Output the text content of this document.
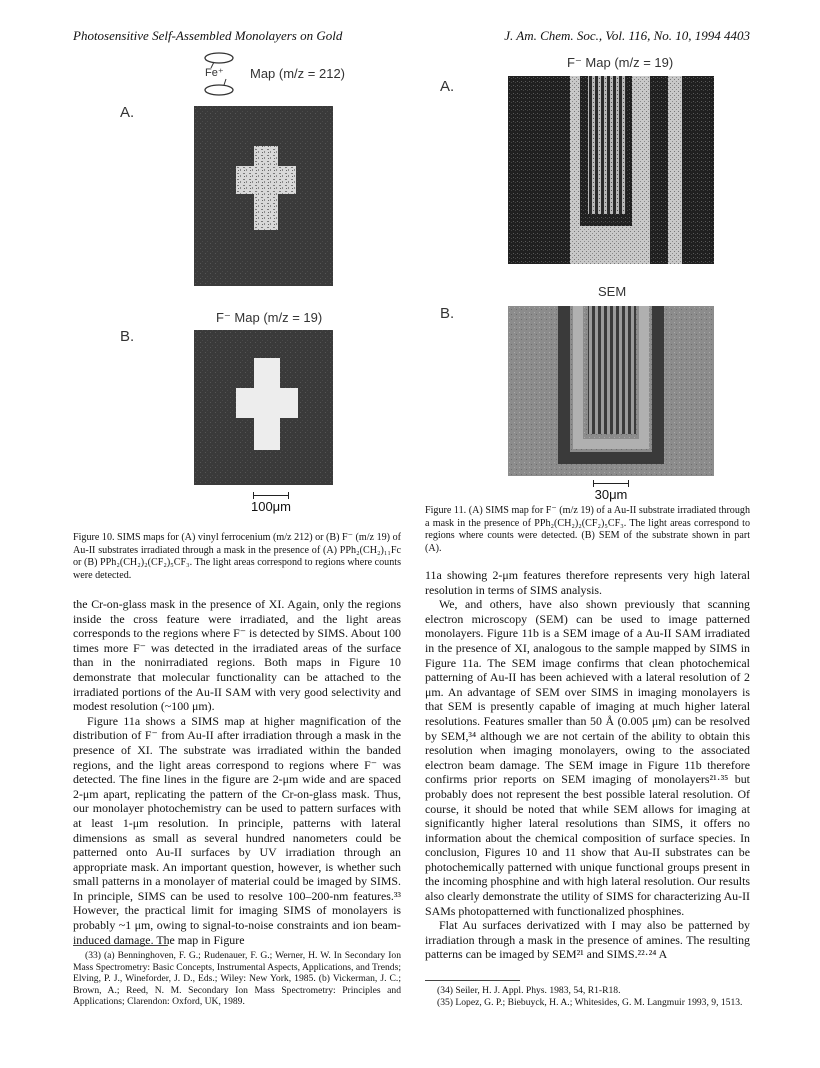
Photosensitive Self-Assembled Monolayers on Gold	J. Am. Chem. Soc., Vol. 116, No. 10, 1994 4403
Fe⁺ Map (m/z = 212)
A.
F⁻ Map (m/z = 19)
B.
100μm
Figure 10. SIMS maps for (A) vinyl ferrocenium (m/z 212) or (B) F⁻ (m/z 19) of Au-II substrates irradiated through a mask in the presence of (A) PPh₂(CH₂)₁₁Fc or (B) PPh₂(CH₂)₂(CF₂)₅CF₃. The light areas correspond to regions where counts were detected.
F⁻ Map (m/z = 19)
A.
SEM
B.
30μm
Figure 11. (A) SIMS map for F⁻ (m/z 19) of a Au-II substrate irradiated through a mask in the presence of PPh₂(CH₂)₂(CF₂)₅CF₃. The light areas correspond to regions where counts were detected. (B) SEM of the substrate shown in part (A).

the Cr-on-glass mask in the presence of XI. Again, only the regions inside the cross feature were irradiated, and the light areas corresponds to the regions where F⁻ is detected by SIMS. About 100 times more F⁻ was detected in the irradiated areas of the surface than in the nonirradiated regions. Both maps in Figure 10 demonstrate that molecular functionality can be attached to the irradiated portions of the Au-II SAM with very good selectivity and modest resolution (~100 μm).

Figure 11a shows a SIMS map at higher magnification of the distribution of F⁻ from Au-II after irradiation through a mask in the presence of XI. The substrate was irradiated within the banded regions, and the light areas correspond to regions where F⁻ was detected. The fine lines in the figure are 2-μm wide and are spaced 2-μm apart, replicating the pattern of the Cr-on-glass mask. Thus, our monolayer photochemistry can be used to pattern surfaces with at least 1-μm resolution. In principle, patterns with lateral dimensions as small as several hundred nanometers could be patterned onto Au-II surfaces by UV irradiation through an appropriate mask. An important question, however, is whether such small patterns in a monolayer of material could be imaged by SIMS. In principle, SIMS can be used to resolve 100–200-nm features.³³ However, the practical limit for imaging SIMS of monolayers is probably ~1 μm, owing to signal-to-noise constraints and ion beam-induced damage. The map in Figure

(33) (a) Benninghoven, F. G.; Rudenauer, F. G.; Werner, H. W. In Secondary Ion Mass Spectrometry: Basic Concepts, Instrumental Aspects, Applications, and Trends; Elving, P. J., Wineforder, J. D., Eds.; Wiley: New York, 1985. (b) Vickerman, J. C.; Brown, A.; Reed, N. M. Secondary Ion Mass Spectrometry: Principles and Applications; Clarendon: Oxford, UK, 1989.

11a showing 2-μm features therefore represents very high lateral resolution in terms of SIMS analysis.

We, and others, have also shown previously that scanning electron microscopy (SEM) can be used to image patterned monolayers. Figure 11b is a SEM image of a Au-II SAM irradiated in the presence of XI, analogous to the sample mapped by SIMS in Figure 11a. The SEM image confirms that clean photochemical patterning of Au-II has been achieved with a lateral resolution of 2 μm. An advantage of SEM over SIMS in imaging monolayers is that SEM is presently capable of imaging at much higher lateral resolutions. Features smaller than 50 Å (0.005 μm) can be resolved by SEM,³⁴ although we are not certain of the ability to obtain this resolution when imaging monolayers, owing to the associated electron beam damage. The SEM image in Figure 11b therefore confirms prior reports on SEM imaging of monolayers²¹·³⁵ but probably does not represent the best possible lateral resolution. Of course, it should be noted that while SEM allows for imaging at significantly higher lateral resolutions than SIMS, it offers no information about the chemical composition of surface species. In conclusion, Figures 10 and 11 show that Au-II substrates can be photochemically patterned with unique functional groups present in the incoming phosphine and with high lateral resolution. Our results also clearly demonstrate the utility of SIMS for characterizing Au-II SAMs photopatterned with functionalized phosphines.

Flat Au surfaces derivatized with I may also be patterned by irradiation through a mask in the presence of amines. The resulting patterns can be imaged by SEM²¹ and SIMS.²²·²⁴ A

(34) Seiler, H. J. Appl. Phys. 1983, 54, R1-R18.

(35) Lopez, G. P.; Biebuyck, H. A.; Whitesides, G. M. Langmuir 1993, 9, 1513.
